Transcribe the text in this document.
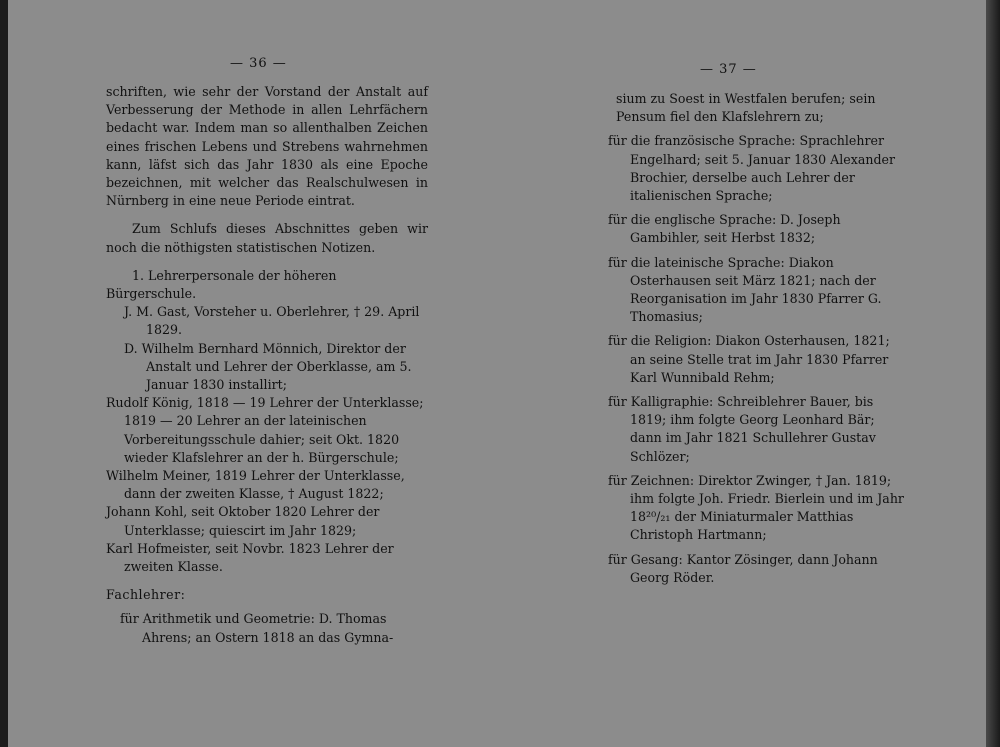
— 36 —

schriften, wie sehr der Vorstand der Anstalt auf Verbesserung der Methode in allen Lehrfächern bedacht war. Indem man so allenthalben Zeichen eines frischen Lebens und Strebens wahrnehmen kann, läfst sich das Jahr 1830 als eine Epoche bezeichnen, mit welcher das Realschulwesen in Nürnberg in eine neue Periode eintrat.

Zum Schlufs dieses Abschnittes geben wir noch die nöthigsten statistischen Notizen.

1. Lehrerpersonale der höheren Bürgerschule.

J. M. Gast, Vorsteher u. Oberlehrer, † 29. April 1829.

D. Wilhelm Bernhard Mönnich, Direktor der Anstalt und Lehrer der Oberklasse, am 5. Januar 1830 installirt;

Rudolf König, 1818 — 19 Lehrer der Unterklasse; 1819 — 20 Lehrer an der lateinischen Vorbereitungsschule dahier; seit Okt. 1820 wieder Klafslehrer an der h. Bürgerschule;

Wilhelm Meiner, 1819 Lehrer der Unterklasse, dann der zweiten Klasse, † August 1822;

Johann Kohl, seit Oktober 1820 Lehrer der Unterklasse; quiescirt im Jahr 1829;

Karl Hofmeister, seit Novbr. 1823 Lehrer der zweiten Klasse.

Fachlehrer:

für Arithmetik und Geometrie: D. Thomas Ahrens; an Ostern 1818 an das Gymna-

— 37 —

sium zu Soest in Westfalen berufen; sein Pensum fiel den Klafslehrern zu;

für die französische Sprache: Sprachlehrer Engelhard; seit 5. Januar 1830 Alexander Brochier, derselbe auch Lehrer der italienischen Sprache;

für die englische Sprache: D. Joseph Gambihler, seit Herbst 1832;

für die lateinische Sprache: Diakon Osterhausen seit März 1821; nach der Reorganisation im Jahr 1830 Pfarrer G. Thomasius;

für die Religion: Diakon Osterhausen, 1821; an seine Stelle trat im Jahr 1830 Pfarrer Karl Wunnibald Rehm;

für Kalligraphie: Schreiblehrer Bauer, bis 1819; ihm folgte Georg Leonhard Bär; dann im Jahr 1821 Schullehrer Gustav Schlözer;

für Zeichnen: Direktor Zwinger, † Jan. 1819; ihm folgte Joh. Friedr. Bierlein und im Jahr 18²⁰/₂₁ der Miniaturmaler Matthias Christoph Hartmann;

für Gesang: Kantor Zösinger, dann Johann Georg Röder.
